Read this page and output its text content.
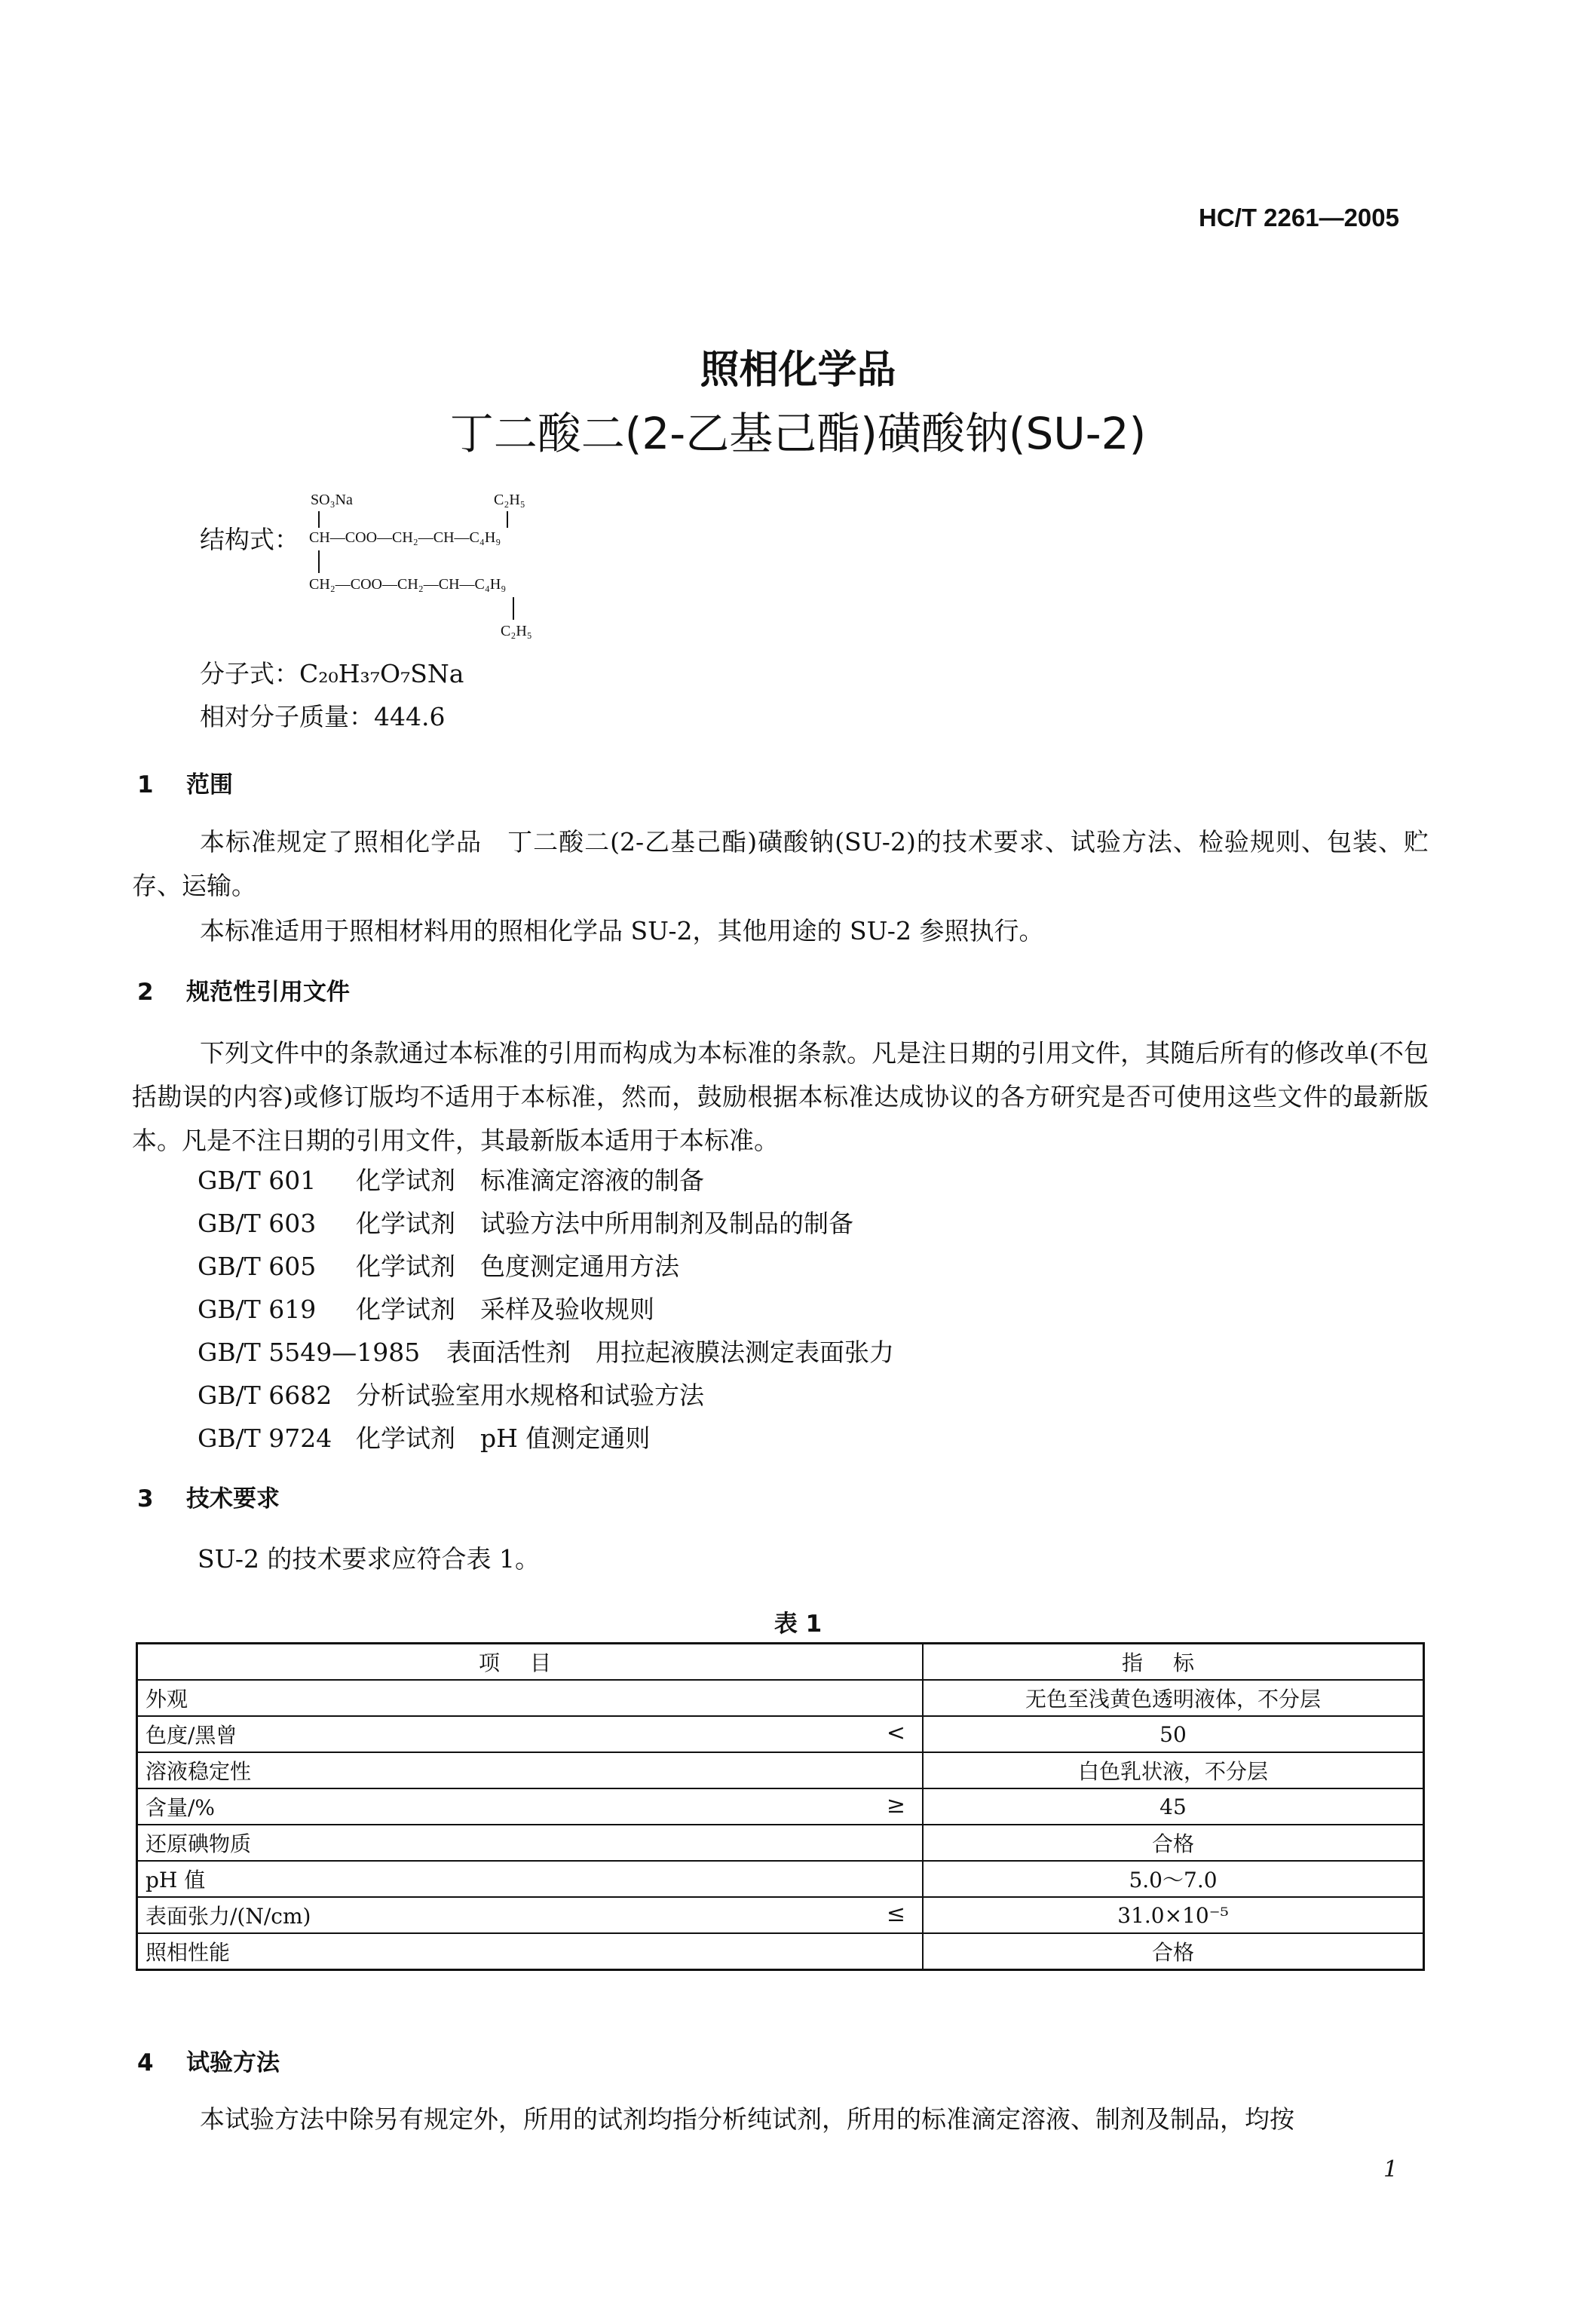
HC/T 2261—2005
照相化学品
丁二酸二(2-乙基己酯)磺酸钠(SU-2)
结构式：
SO₃Na	C₂H₅
CH—COO—CH₂—CH—C₄H₉
CH₂—COO—CH₂—CH—C₄H₉
C₂H₅
分子式：C₂₀H₃₇O₇SNa
相对分子质量：444.6
1 范围
本标准规定了照相化学品　丁二酸二(2-乙基己酯)磺酸钠(SU-2)的技术要求、试验方法、检验规则、包装、贮存、运输。
本标准适用于照相材料用的照相化学品 SU-2，其他用途的 SU-2 参照执行。
2 规范性引用文件
下列文件中的条款通过本标准的引用而构成为本标准的条款。凡是注日期的引用文件，其随后所有的修改单(不包括勘误的内容)或修订版均不适用于本标准，然而，鼓励根据本标准达成协议的各方研究是否可使用这些文件的最新版本。凡是不注日期的引用文件，其最新版本适用于本标准。
GB/T 601 化学试剂　标准滴定溶液的制备
GB/T 603 化学试剂　试验方法中所用制剂及制品的制备
GB/T 605 化学试剂　色度测定通用方法
GB/T 619 化学试剂　采样及验收规则
GB/T 5549—1985 表面活性剂　用拉起液膜法测定表面张力
GB/T 6682 分析试验室用水规格和试验方法
GB/T 9724 化学试剂　pH 值测定通则
3 技术要求
SU-2 的技术要求应符合表 1。
表 1
项目	指标
外观	无色至浅黄色透明液体，不分层
色度/黑曾 <	50
溶液稳定性	白色乳状液，不分层
含量/% ≥	45
还原碘物质	合格
pH 值	5.0～7.0
表面张力/(N/cm) ≤	31.0×10⁻⁵
照相性能	合格
4 试验方法
本试验方法中除另有规定外，所用的试剂均指分析纯试剂，所用的标准滴定溶液、制剂及制品，均按
1
